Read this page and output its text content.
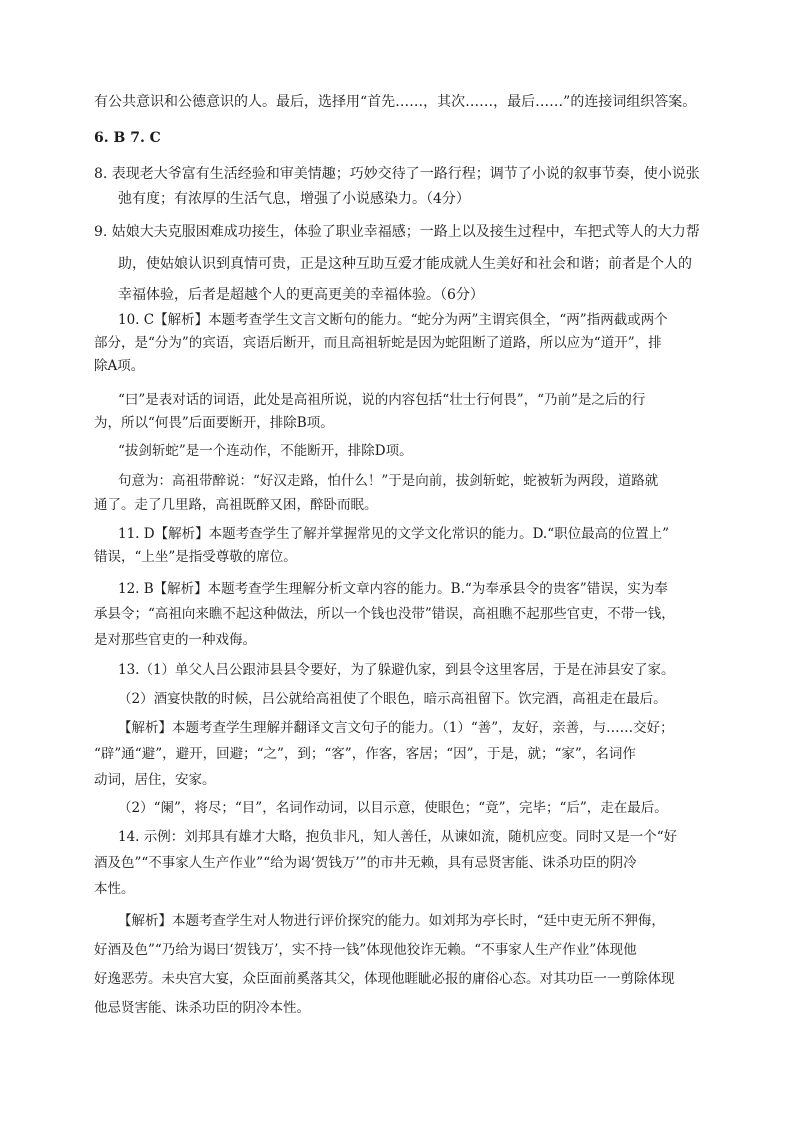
有公共意识和公德意识的人。最后，选择用“首先……，其次……，最后……”的连接词组织答案。
6. B 7. C
8. 表现老大爷富有生活经验和审美情趣；巧妙交待了一路行程；调节了小说的叙事节奏，使小说张
弛有度；有浓厚的生活气息，增强了小说感染力。（4分）
9. 姑娘大夫克服困难成功接生，体验了职业幸福感；一路上以及接生过程中，车把式等人的大力帮
助，使姑娘认识到真情可贵，正是这种互助互爱才能成就人生美好和社会和谐；前者是个人的
幸福体验，后者是超越个人的更高更美的幸福体验。（6分）
10. C【解析】本题考查学生文言文断句的能力。“蛇分为两”主谓宾俱全，“两”指两截或两个
部分，是“分为”的宾语，宾语后断开，而且高祖斩蛇是因为蛇阻断了道路，所以应为“道开”，排
除A项。
“曰”是表对话的词语，此处是高祖所说，说的内容包括“壮士行何畏”，“乃前”是之后的行
为，所以“何畏”后面要断开，排除B项。
“拔剑斩蛇”是一个连动作，不能断开，排除D项。
句意为：高祖带醉说：“好汉走路，怕什么！”于是向前，拔剑斩蛇，蛇被斩为两段，道路就
通了。走了几里路，高祖既醉又困，醉卧而眠。
11. D【解析】本题考查学生了解并掌握常见的文学文化常识的能力。D.“职位最高的位置上”
错误，“上坐”是指受尊敬的席位。
12. B【解析】本题考查学生理解分析文章内容的能力。B.“为奉承县令的贵客”错误，实为奉
承县令；“高祖向来瞧不起这种做法，所以一个钱也没带”错误，高祖瞧不起那些官吏，不带一钱，
是对那些官吏的一种戏侮。
13.（1）单父人吕公跟沛县县令要好，为了躲避仇家，到县令这里客居，于是在沛县安了家。
（2）酒宴快散的时候，吕公就给高祖使了个眼色，暗示高祖留下。饮完酒，高祖走在最后。
【解析】本题考查学生理解并翻译文言文句子的能力。（1）“善”，友好，亲善，与……交好；
“辟”通“避”，避开，回避；“之”，到；“客”，作客，客居；“因”，于是，就；“家”，名词作
动词，居住，安家。
（2）“阑”，将尽；“目”，名词作动词，以目示意，使眼色；“竟”，完毕；“后”，走在最后。
14. 示例：刘邦具有雄才大略，抱负非凡，知人善任，从谏如流，随机应变。同时又是一个“好
酒及色”“不事家人生产作业”“给为谒‘贺钱万’”的市井无赖，具有忌贤害能、诛杀功臣的阴冷
本性。
【解析】本题考查学生对人物进行评价探究的能力。如刘邦为亭长时，“廷中吏无所不狎侮，
好酒及色”“乃给为谒曰‘贺钱万’，实不持一钱”体现他狡诈无赖。“不事家人生产作业”体现他
好逸恶劳。未央宫大宴，众臣面前奚落其父，体现他睚眦必报的庸俗心态。对其功臣一一剪除体现
他忌贤害能、诛杀功臣的阴冷本性。
